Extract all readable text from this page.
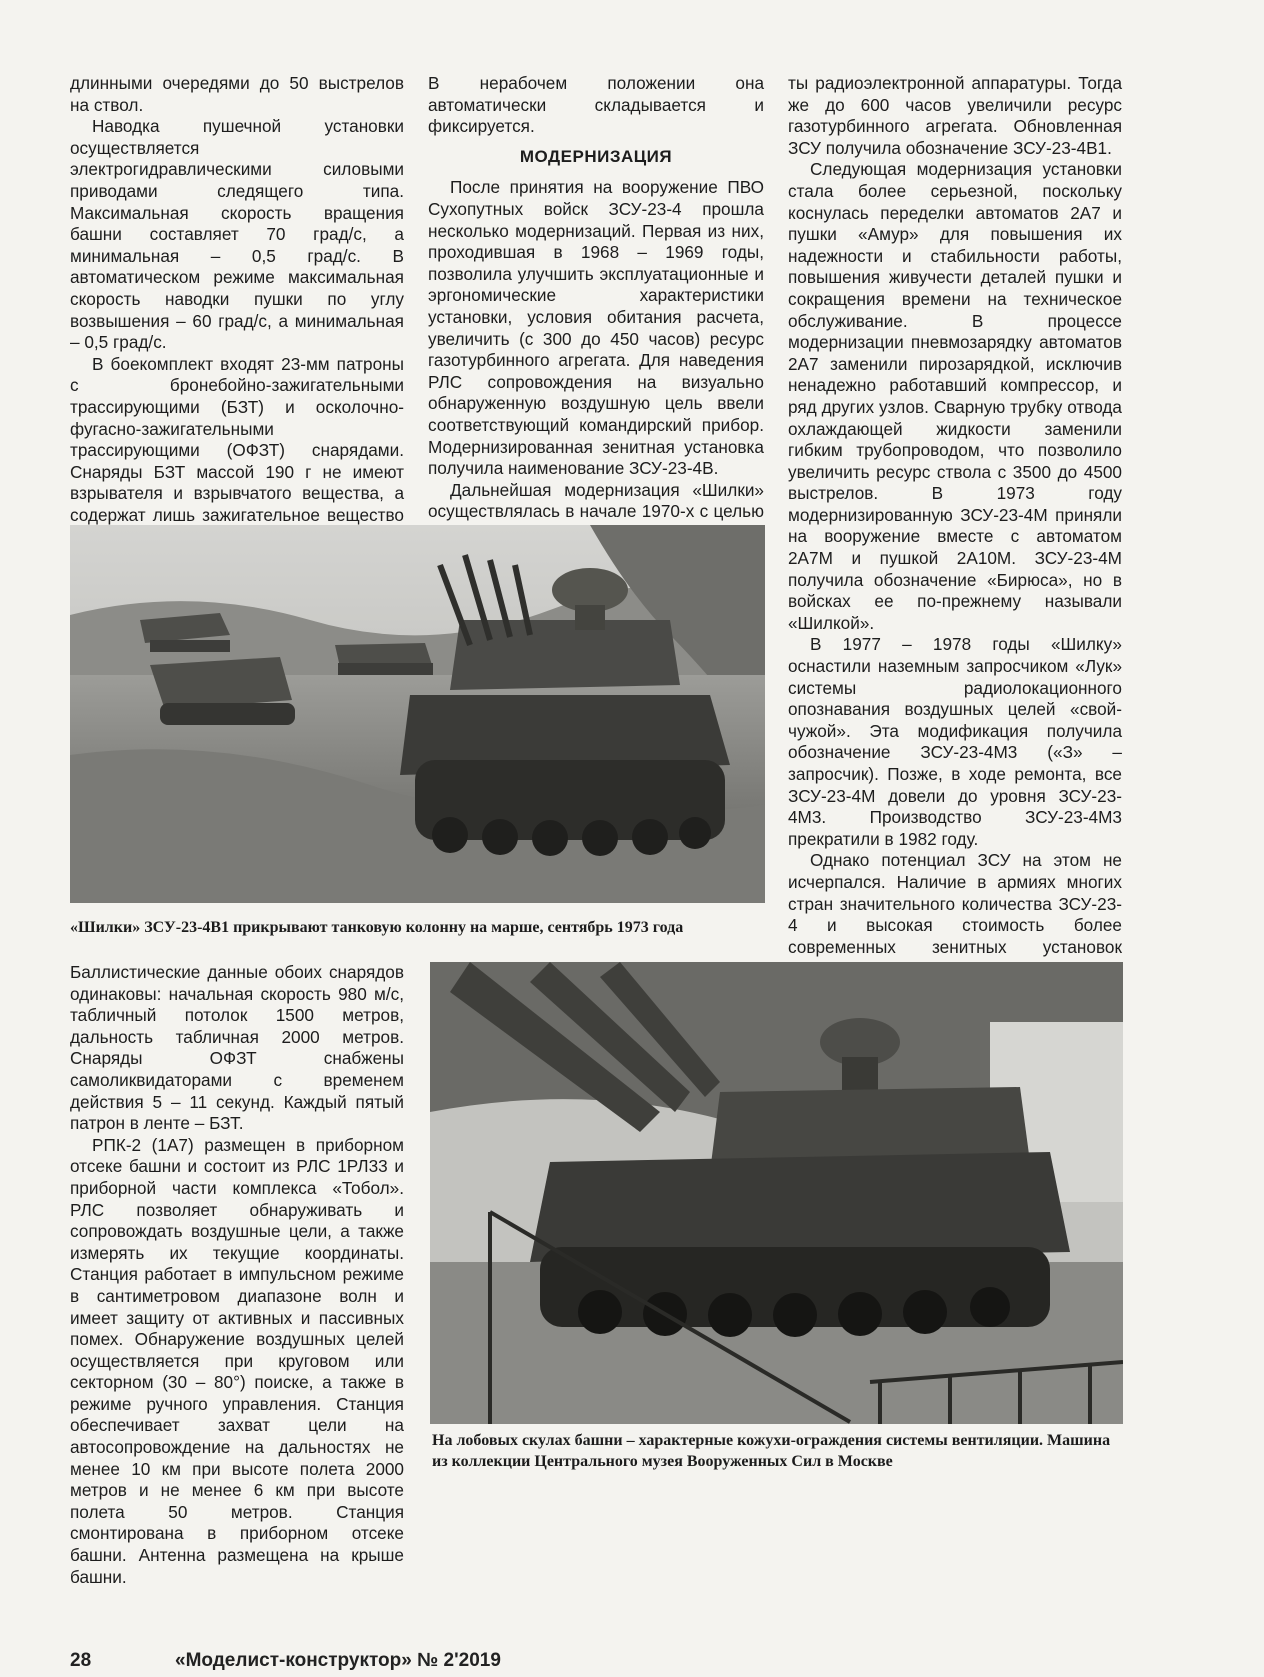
длинными очередями до 50 выстрелов на ствол.

Наводка пушечной установки осуществляется электрогидравлическими силовыми приводами следящего типа. Максимальная скорость вращения башни составляет 70 град/с, а минимальная – 0,5 град/с. В автоматическом режиме максимальная скорость наводки пушки по углу возвышения – 60 град/с, а минимальная – 0,5 град/с.

В боекомплект входят 23-мм патроны с бронебойно-зажигательными трассирующими (БЗТ) и осколочно-фугасно-зажигательными трассирующими (ОФЗТ) снарядами. Снаряды БЗТ массой 190 г не имеют взрывателя и взрывчатого вещества, а содержат лишь зажигательное вещество

В нерабочем положении она автоматически складывается и фиксируется.

МОДЕРНИЗАЦИЯ

После принятия на вооружение ПВО Сухопутных войск ЗСУ-23-4 прошла несколько модернизаций. Первая из них, проходившая в 1968 – 1969 годы, позволила улучшить эксплуатационные и эргономические характеристики установки, условия обитания расчета, увеличить (с 300 до 450 часов) ресурс газотурбинного агрегата. Для наведения РЛС сопровождения на визуально обнаруженную воздушную цель ввели соответствующий командирский прибор. Модернизированная зенитная установка получила наименование ЗСУ-23-4В.

Дальнейшая модернизация «Шилки» осуществлялась в начале 1970-х с целью

ты радиоэлектронной аппаратуры. Тогда же до 600 часов увеличили ресурс газотурбинного агрегата. Обновленная ЗСУ получила обозначение ЗСУ-23-4В1.

Следующая модернизация установки стала более серьезной, поскольку коснулась переделки автоматов 2А7 и пушки «Амур» для повышения их надежности и стабильности работы, повышения живучести деталей пушки и сокращения времени на техническое обслуживание. В процессе модернизации пневмозарядку автоматов 2А7 заменили пирозарядкой, исключив ненадежно работавший компрессор, и ряд других узлов. Сварную трубку отвода охлаждающей жидкости заменили гибким трубопроводом, что позволило увеличить ресурс ствола с 3500 до 4500 выстрелов. В 1973 году модернизированную ЗСУ-23-4М приняли на вооружение вместе с автоматом 2А7М и пушкой 2А10М. ЗСУ-23-4М получила обозначение «Бирюса», но в войсках ее по-прежнему называли «Шилкой».

В 1977 – 1978 годы «Шилку» оснастили наземным запросчиком «Лук» системы радиолокационного опознавания воздушных целей «свой-чужой». Эта модификация получила обозначение ЗСУ-23-4М3 («З» – запросчик). Позже, в ходе ремонта, все ЗСУ-23-4М довели до уровня ЗСУ-23-4М3. Производство ЗСУ-23-4М3 прекратили в 1982 году.

Однако потенциал ЗСУ на этом не исчерпался. Наличие в армиях многих стран значительного количества ЗСУ-23-4 и высокая стоимость более современных зенитных установок

«Шилки» ЗСУ-23-4В1 прикрывают танковую колонну на марше, сентябрь 1973 года

Баллистические данные обоих снарядов одинаковы: начальная скорость 980 м/с, табличный потолок 1500 метров, дальность табличная 2000 метров. Снаряды ОФЗТ снабжены самоликвидаторами с временем действия 5 – 11 секунд. Каждый пятый патрон в ленте – БЗТ.

РПК-2 (1А7) размещен в приборном отсеке башни и состоит из РЛС 1РЛ33 и приборной части комплекса «Тобол». РЛС позволяет обнаруживать и сопровождать воздушные цели, а также измерять их текущие координаты. Станция работает в импульсном режиме в сантиметровом диапазоне волн и имеет защиту от активных и пассивных помех. Обнаружение воздушных целей осуществляется при круговом или секторном (30 – 80°) поиске, а также в режиме ручного управления. Станция обеспечивает захват цели на автосопровождение на дальностях не менее 10 км при высоте полета 2000 метров и не менее 6 км при высоте полета 50 метров. Станция смонтирована в приборном отсеке башни. Антенна размещена на крыше башни.

На лобовых скулах башни – характерные кожухи-ограждения системы вентиляции. Машина из коллекции Центрального музея Вооруженных Сил в Москве
28	«Моделист-конструктор» № 2'2019
